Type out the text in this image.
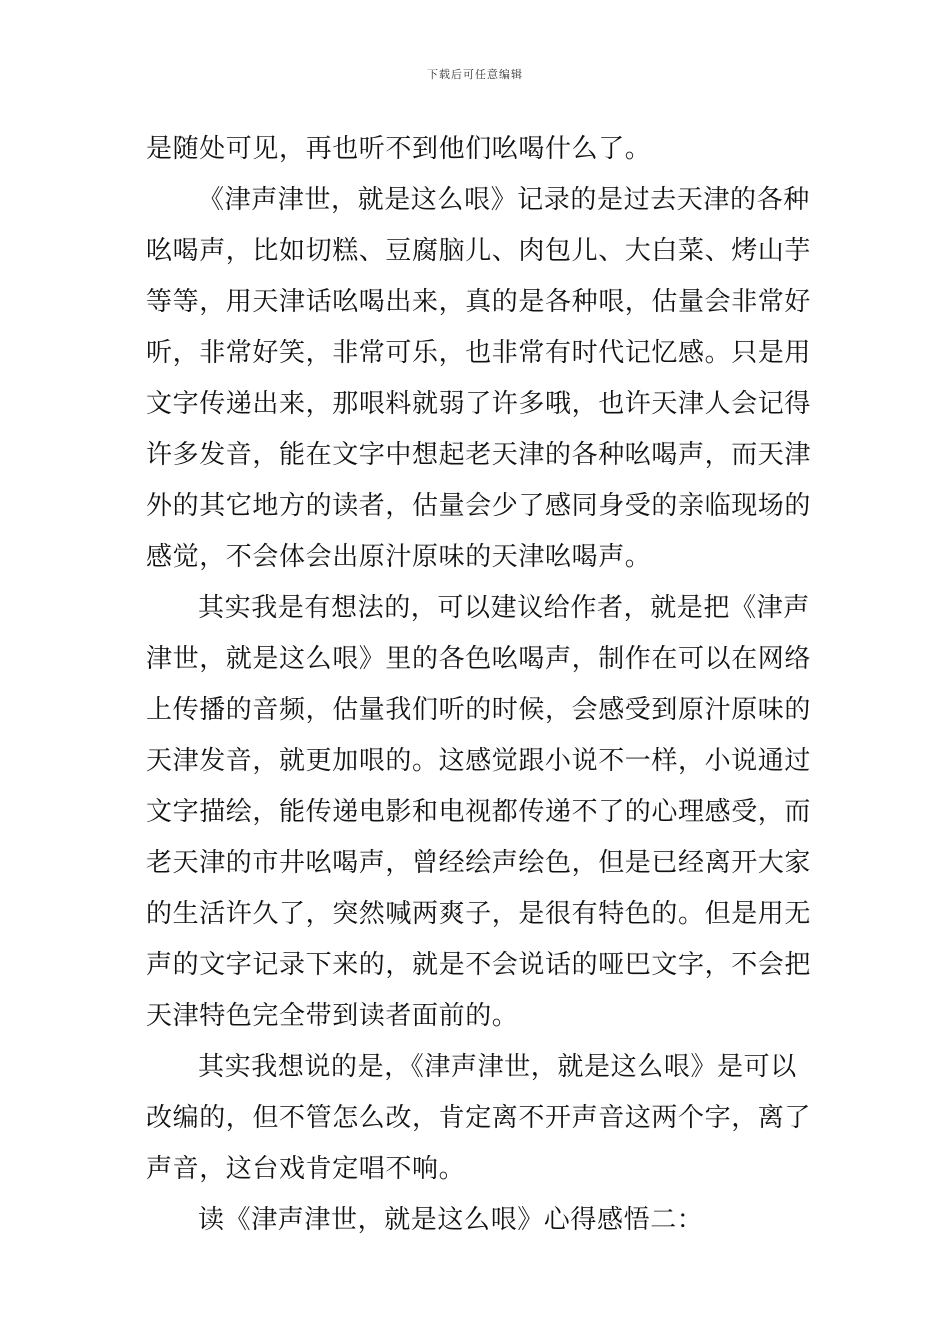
下载后可任意编辑
是随处可见，再也听不到他们吆喝什么了。
《津声津世，就是这么哏》记录的是过去天津的各种
吆喝声，比如切糕、豆腐脑儿、肉包儿、大白菜、烤山芋
等等，用天津话吆喝出来，真的是各种哏，估量会非常好
听，非常好笑，非常可乐，也非常有时代记忆感。只是用
文字传递出来，那哏料就弱了许多哦，也许天津人会记得
许多发音，能在文字中想起老天津的各种吆喝声，而天津
外的其它地方的读者，估量会少了感同身受的亲临现场的
感觉，不会体会出原汁原味的天津吆喝声。
其实我是有想法的，可以建议给作者，就是把《津声
津世，就是这么哏》里的各色吆喝声，制作在可以在网络
上传播的音频，估量我们听的时候，会感受到原汁原味的
天津发音，就更加哏的。这感觉跟小说不一样，小说通过
文字描绘，能传递电影和电视都传递不了的心理感受，而
老天津的市井吆喝声，曾经绘声绘色，但是已经离开大家
的生活许久了，突然喊两爽子，是很有特色的。但是用无
声的文字记录下来的，就是不会说话的哑巴文字，不会把
天津特色完全带到读者面前的。
其实我想说的是，《津声津世，就是这么哏》是可以
改编的，但不管怎么改，肯定离不开声音这两个字，离了
声音，这台戏肯定唱不响。
读《津声津世，就是这么哏》心得感悟二：
